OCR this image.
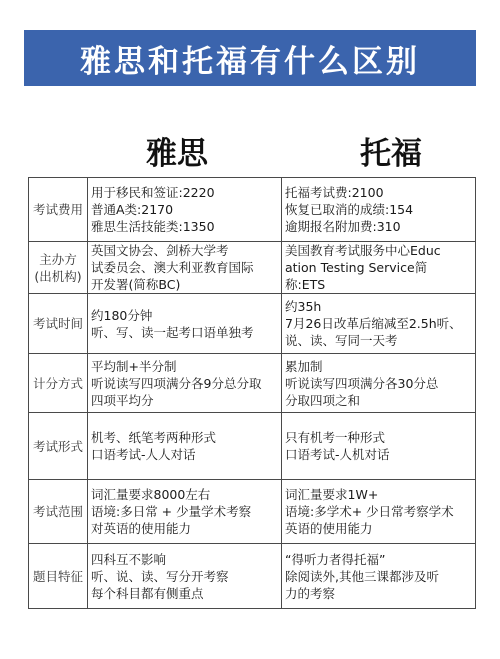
雅思和托福有什么区别
雅思	托福
考试费用	用于移民和签证:2220
普通A类:2170
雅思生活技能类:1350	托福考试费:2100
恢复已取消的成绩:154
逾期报名附加费:310

主办方
(出机构)	英国文协会、剑桥大学考
试委员会、澳大利亚教育国际
开发署(简称BC)	美国教育考试服务中心Educ
ation Testing Service简
称:ETS

考试时间	约180分钟
听、写、读一起考口语单独考	约35h
7月26日改革后缩减至2.5h听、
说、读、写同一天考

计分方式	平均制+半分制
听说读写四项满分各9分总分取
四项平均分	累加制
听说读写四项满分各30分总
分取四项之和

考试形式	机考、纸笔考两种形式
口语考试-人人对话	只有机考一种形式
口语考试-人机对话

考试范围	词汇量要求8000左右
语境:多日常 + 少量学术考察
对英语的使用能力	词汇量要求1W+
语境:多学术+ 少日常考察学术
英语的使用能力

题目特征	四科互不影响
听、说、读、写分开考察
每个科目都有侧重点	“得听力者得托福”
除阅读外,其他三课都涉及听
力的考察
